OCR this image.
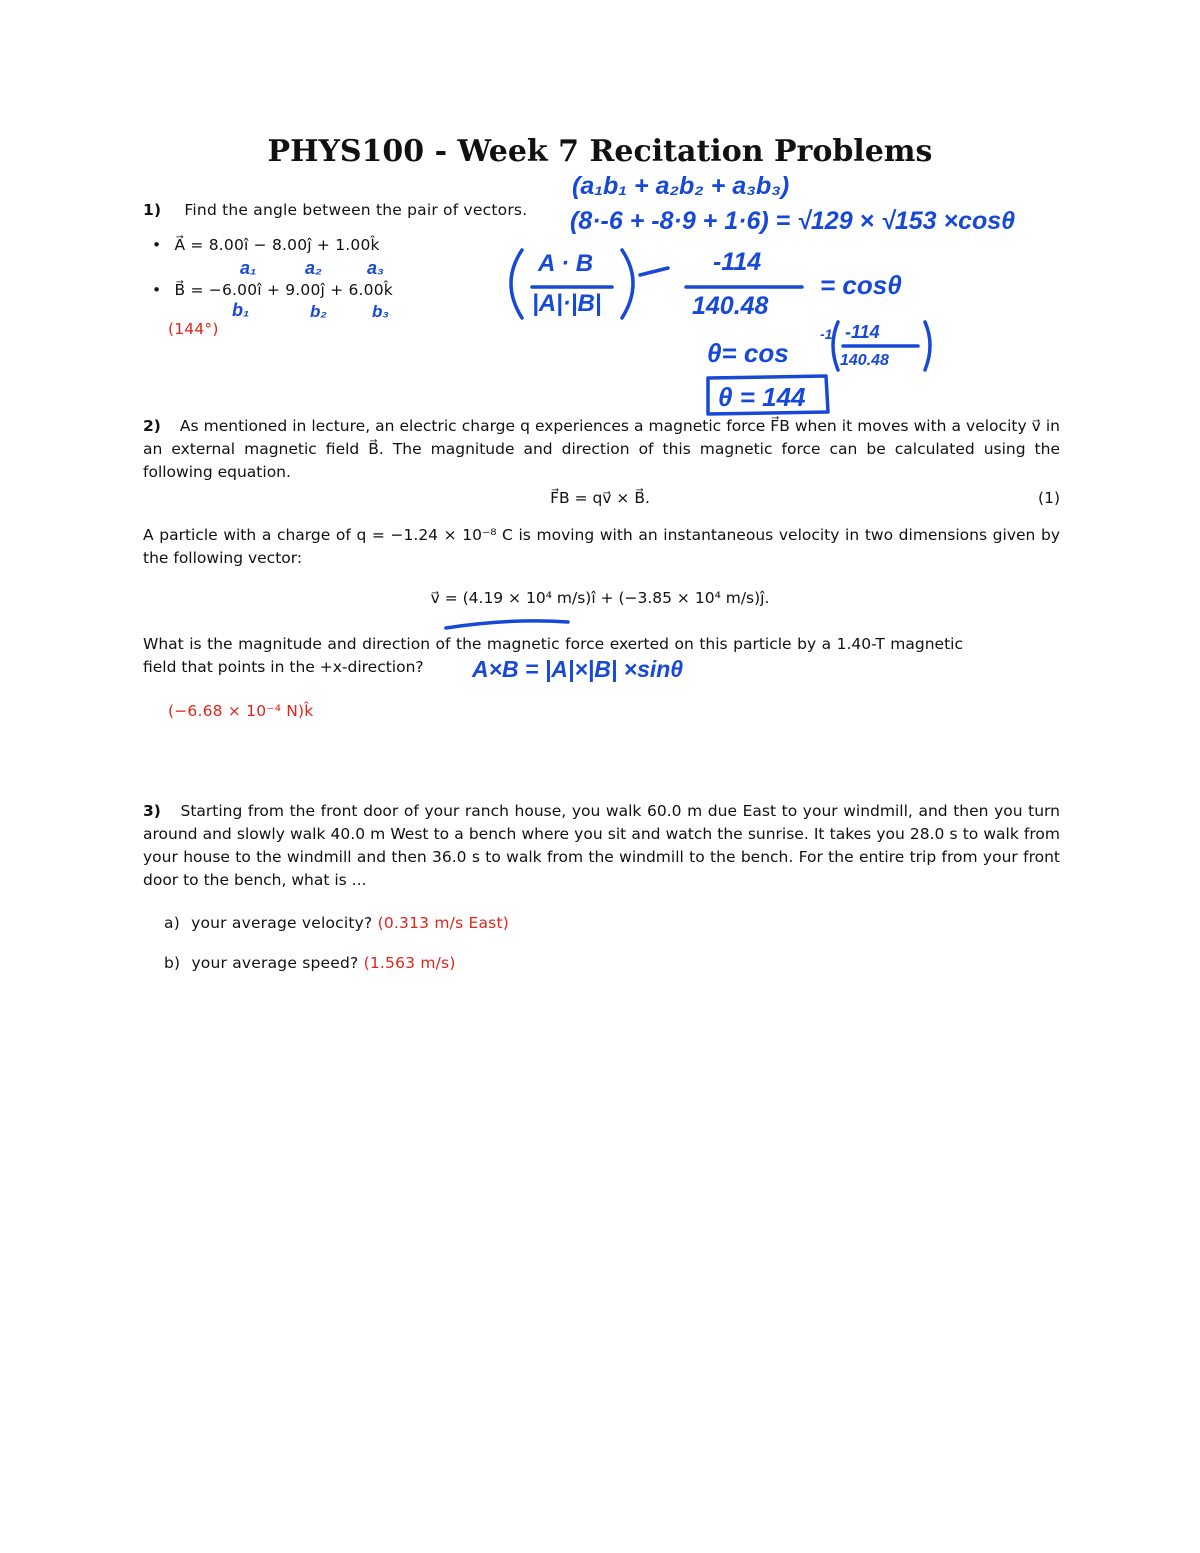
PHYS100 - Week 7 Recitation Problems
1) Find the angle between the pair of vectors.
• A⃗ = 8.00î − 8.00ĵ + 1.00k̂
• B⃗ = −6.00î + 9.00ĵ + 6.00k̂
(144°)
a₁	a₂	a₃
b₁	b₂	b₃
(a₁b₁ + a₂b₂ + a₃b₃)
(8·-6 + -8·9 + 1·6) = √129 × √153 ×cosθ
A · B
|A|·|B|
-114
140.48
= cosθ
θ= cos
-1 -114
140.48
θ = 144
2) As mentioned in lecture, an electric charge q experiences a magnetic force F⃗B when it moves with a velocity v⃗ in an external magnetic field B⃗. The magnitude and direction of this magnetic force can be calculated using the following equation.
F⃗B = qv⃗ × B⃗.	(1)
A particle with a charge of q = −1.24 × 10⁻⁸ C is moving with an instantaneous velocity in two dimensions given by the following vector:
v⃗ = (4.19 × 10⁴ m/s)î + (−3.85 × 10⁴ m/s)ĵ.
What is the magnitude and direction of the magnetic force exerted on this particle by a 1.40-T magnetic field that points in the +x-direction?	A×B = |A|×|B| ×sinθ
(−6.68 × 10⁻⁴ N)k̂
3) Starting from the front door of your ranch house, you walk 60.0 m due East to your windmill, and then you turn around and slowly walk 40.0 m West to a bench where you sit and watch the sunrise. It takes you 28.0 s to walk from your house to the windmill and then 36.0 s to walk from the windmill to the bench. For the entire trip from your front door to the bench, what is ...
a) your average velocity? (0.313 m/s East)
b) your average speed? (1.563 m/s)
